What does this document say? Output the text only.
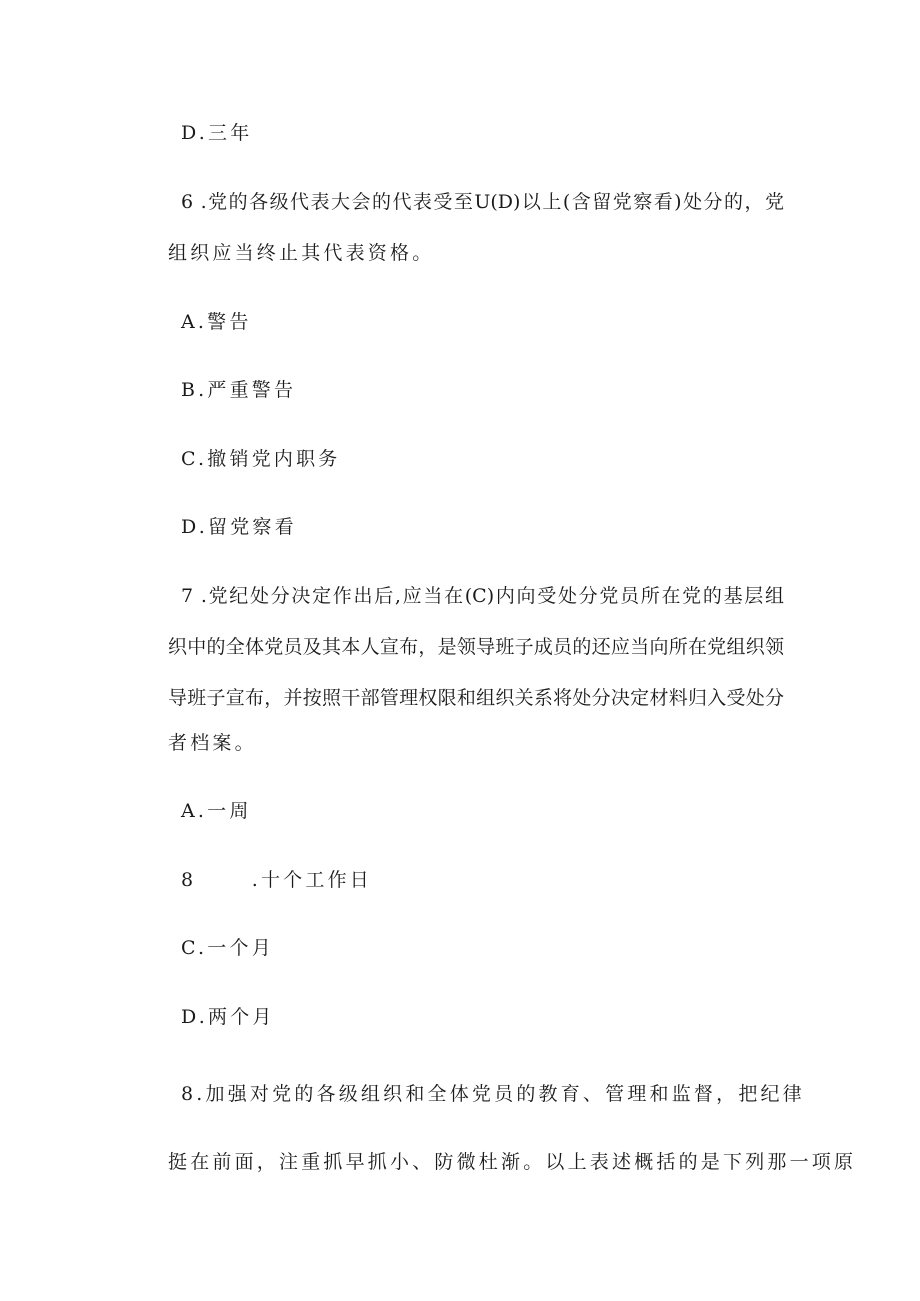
D.三年
6 .党的各级代表大会的代表受至U(D)以上(含留党察看)处分的，党
组织应当终止其代表资格。
A.警告
B.严重警告
C.撤销党内职务
D.留党察看
7 .党纪处分决定作出后,应当在(C)内向受处分党员所在党的基层组
织中的全体党员及其本人宣布，是领导班子成员的还应当向所在党组织领
导班子宣布，并按照干部管理权限和组织关系将处分决定材料归入受处分
者档案。
A.一周
8      .十个工作日
C.一个月
D.两个月
8.加强对党的各级组织和全体党员的教育、管理和监督，把纪律
挺在前面，注重抓早抓小、防微杜渐。以上表述概括的是下列那一项原
